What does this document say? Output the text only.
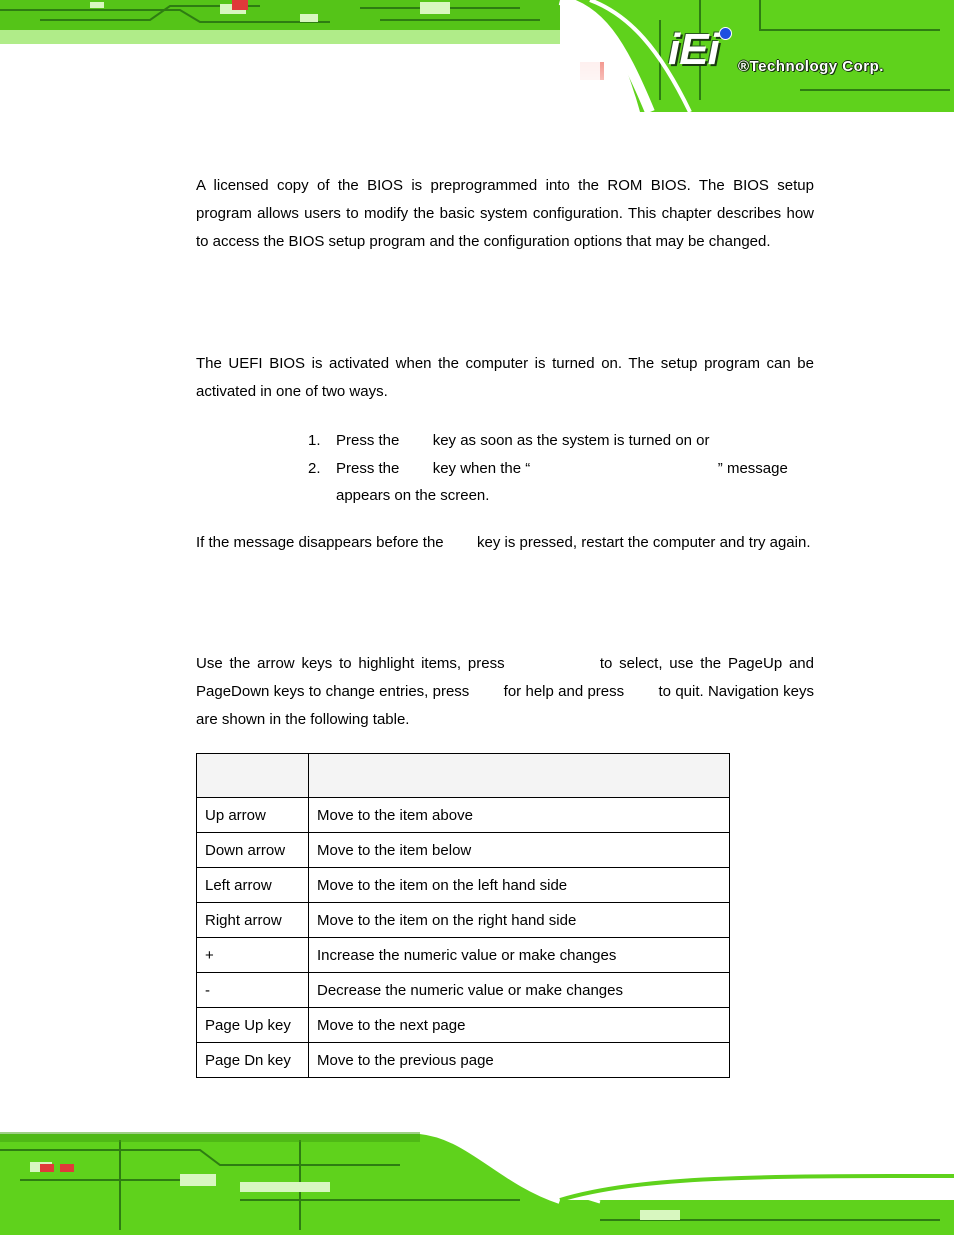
iEi ®Technology Corp.

A licensed copy of the BIOS is preprogrammed into the ROM BIOS. The BIOS setup program allows users to modify the basic system configuration. This chapter describes how to access the BIOS setup program and the configuration options that may be changed.

The UEFI BIOS is activated when the computer is turned on. The setup program can be activated in one of two ways.

1. Press the        key as soon as the system is turned on or
2. Press the        key when the “                                             ” message appears on the screen.

If the message disappears before the        key is pressed, restart the computer and try again.

Use the arrow keys to highlight items, press              to select, use the PageUp and PageDown keys to change entries, press        for help and press        to quit. Navigation keys are shown in the following table.

Up arrow	Move to the item above
Down arrow	Move to the item below
Left arrow	Move to the item on the left hand side
Right arrow	Move to the item on the right hand side
+	Increase the numeric value or make changes
-	Decrease the numeric value or make changes
Page Up key	Move to the next page
Page Dn key	Move to the previous page
